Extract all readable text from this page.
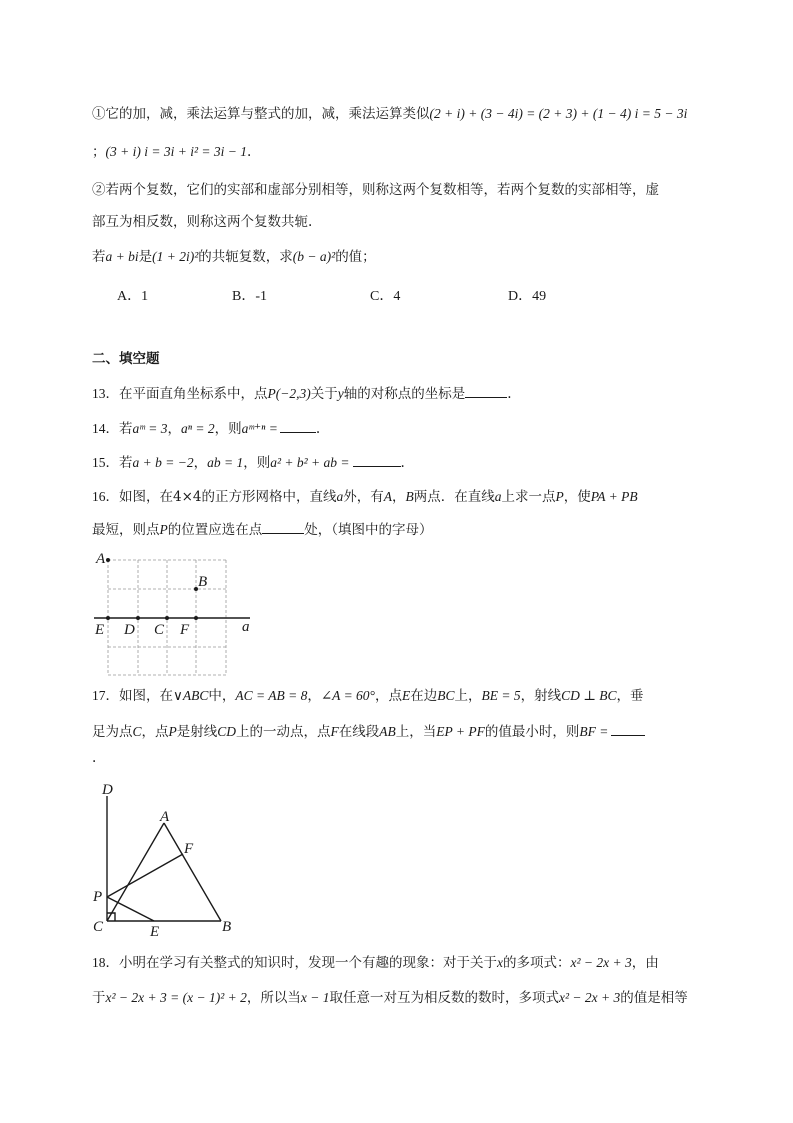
①它的加，减，乘法运算与整式的加，减，乘法运算类似(2 + i) + (3 − 4i) = (2 + 3) + (1 − 4) i = 5 − 3i
；(3 + i) i = 3i + i² = 3i − 1.
②若两个复数，它们的实部和虚部分别相等，则称这两个复数相等，若两个复数的实部相等，虚
部互为相反数，则称这两个复数共轭.
若a + bi是(1 + 2i)²的共轭复数，求(b − a)²的值；
A．1	B．-1	C．4	D．49
二、填空题
13．在平面直角坐标系中，点P(−2,3)关于y轴的对称点的坐标是	.
14．若aᵐ = 3，aⁿ = 2，则aᵐ⁺ⁿ =	.
15．若a + b = −2，ab = 1，则a² + b² + ab =	.
16．如图，在4×4的正方形网格中，直线a外，有A，B两点．在直线a上求一点P，使PA + PB
最短，则点P的位置应选在点	处，（填图中的字母）
A
B
E D C F	a
17．如图，在∨ABC中，AC = AB = 8，∠A = 60°，点E在边BC上，BE = 5，射线CD ⊥ BC，垂
足为点C，点P是射线CD上的一动点，点F在线段AB上，当EP + PF的值最小时，则BF =
.
D
A
F
P
C	E	B
18．小明在学习有关整式的知识时，发现一个有趣的现象：对于关于x的多项式：x² − 2x + 3，由
于x² − 2x + 3 = (x − 1)² + 2，所以当x − 1取任意一对互为相反数的数时，多项式x² − 2x + 3的值是相等
